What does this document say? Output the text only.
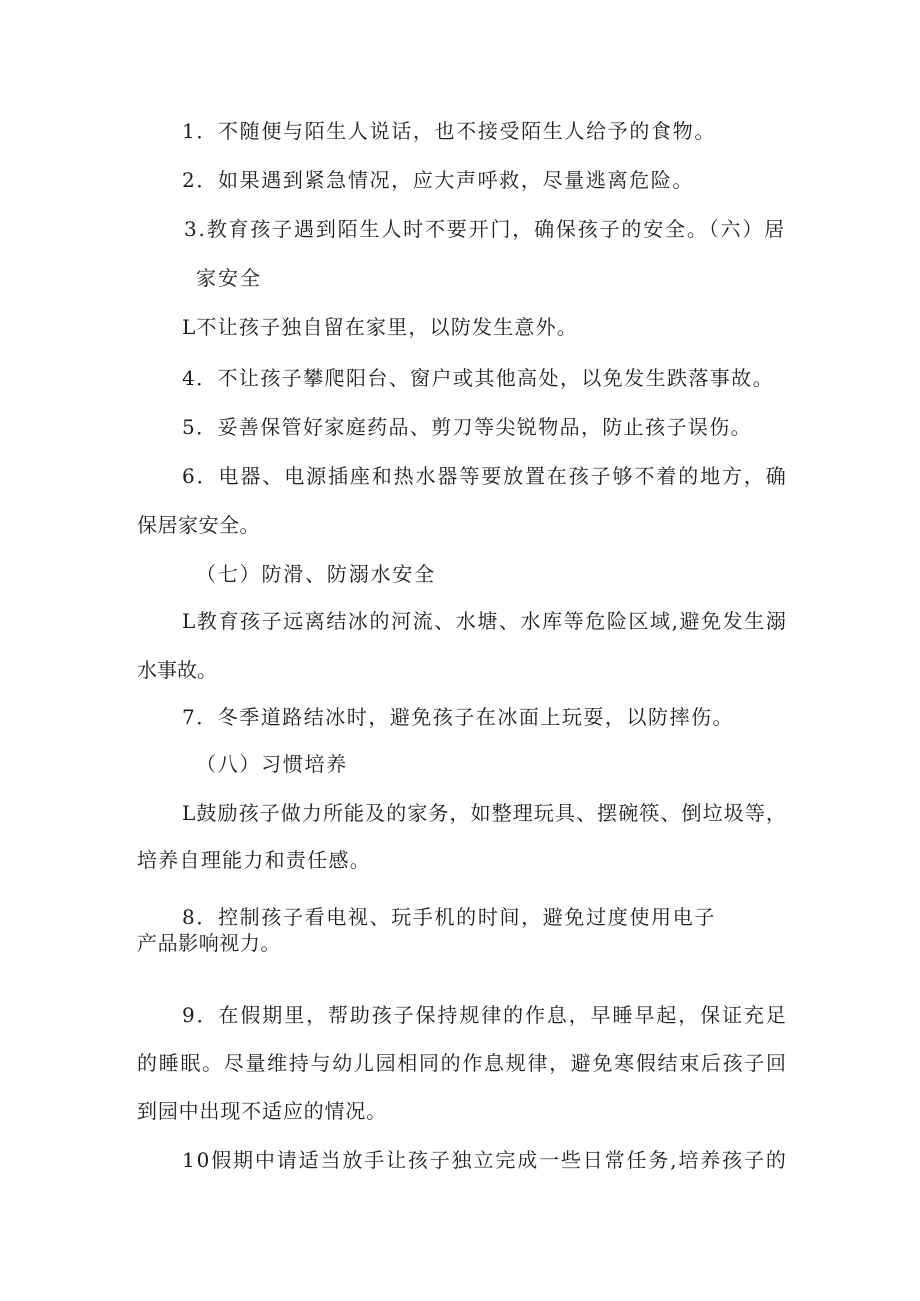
1．不随便与陌生人说话，也不接受陌生人给予的食物。

2．如果遇到紧急情况，应大声呼救，尽量逃离危险。

3.教育孩子遇到陌生人时不要开门，确保孩子的安全。（六）居

家安全

L不让孩子独自留在家里，以防发生意外。

4．不让孩子攀爬阳台、窗户或其他高处，以免发生跌落事故。

5．妥善保管好家庭药品、剪刀等尖锐物品，防止孩子误伤。

6．电器、电源插座和热水器等要放置在孩子够不着的地方，确

保居家安全。

（七）防滑、防溺水安全

L教育孩子远离结冰的河流、水塘、水库等危险区域,避免发生溺

水事故。

7．冬季道路结冰时，避免孩子在冰面上玩耍，以防摔伤。

（八）习惯培养

L鼓励孩子做力所能及的家务，如整理玩具、摆碗筷、倒垃圾等，

培养自理能力和责任感。

8．控制孩子看电视、玩手机的时间，避免过度使用电子

产品影响视力。

9．在假期里，帮助孩子保持规律的作息，早睡早起，保证充足

的睡眠。尽量维持与幼儿园相同的作息规律，避免寒假结束后孩子回

到园中出现不适应的情况。

10假期中请适当放手让孩子独立完成一些日常任务,培养孩子的
